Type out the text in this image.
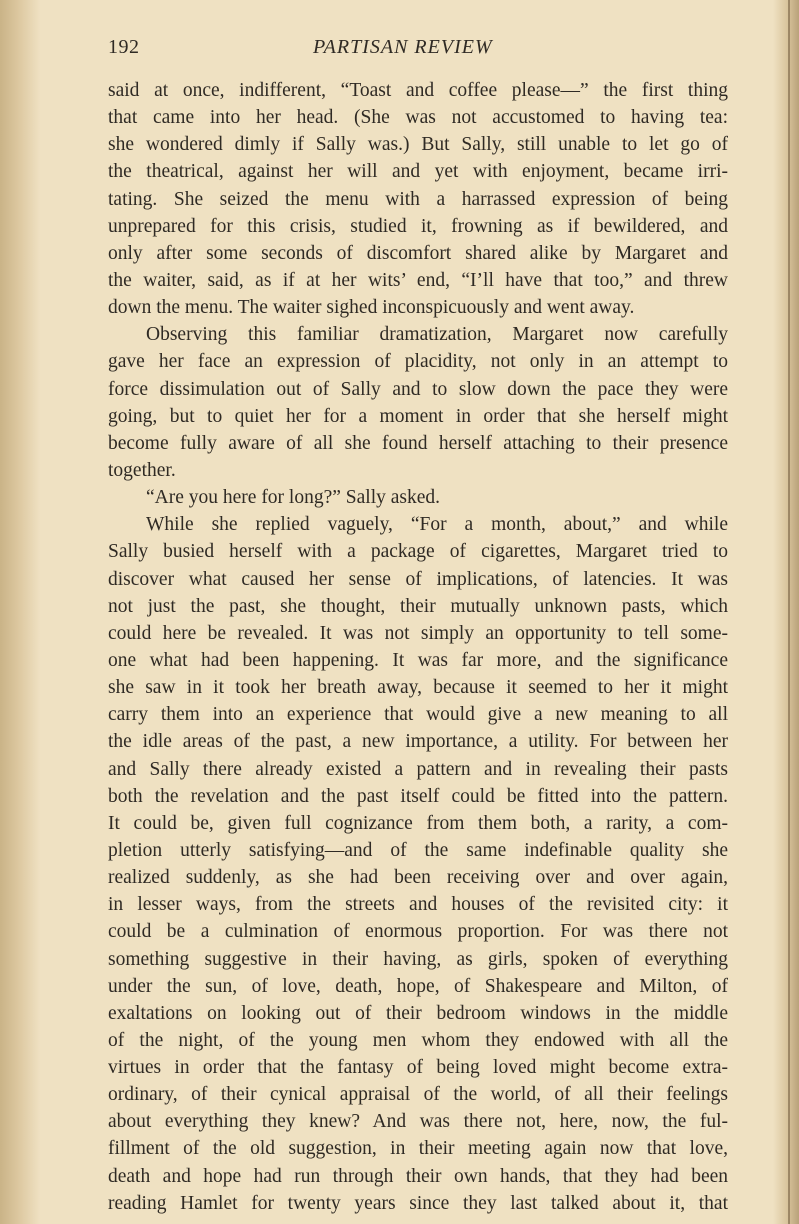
192	PARTISAN REVIEW
said at once, indifferent, “Toast and coffee please—” the first thing
that came into her head. (She was not accustomed to having tea:
she wondered dimly if Sally was.) But Sally, still unable to let go of
the theatrical, against her will and yet with enjoyment, became irri-
tating. She seized the menu with a harrassed expression of being
unprepared for this crisis, studied it, frowning as if bewildered, and
only after some seconds of discomfort shared alike by Margaret and
the waiter, said, as if at her wits’ end, “I’ll have that too,” and threw
down the menu. The waiter sighed inconspicuously and went away.
Observing this familiar dramatization, Margaret now carefully
gave her face an expression of placidity, not only in an attempt to
force dissimulation out of Sally and to slow down the pace they were
going, but to quiet her for a moment in order that she herself might
become fully aware of all she found herself attaching to their presence
together.
“Are you here for long?” Sally asked.
While she replied vaguely, “For a month, about,” and while
Sally busied herself with a package of cigarettes, Margaret tried to
discover what caused her sense of implications, of latencies. It was
not just the past, she thought, their mutually unknown pasts, which
could here be revealed. It was not simply an opportunity to tell some-
one what had been happening. It was far more, and the significance
she saw in it took her breath away, because it seemed to her it might
carry them into an experience that would give a new meaning to all
the idle areas of the past, a new importance, a utility. For between her
and Sally there already existed a pattern and in revealing their pasts
both the revelation and the past itself could be fitted into the pattern.
It could be, given full cognizance from them both, a rarity, a com-
pletion utterly satisfying—and of the same indefinable quality she
realized suddenly, as she had been receiving over and over again,
in lesser ways, from the streets and houses of the revisited city: it
could be a culmination of enormous proportion. For was there not
something suggestive in their having, as girls, spoken of everything
under the sun, of love, death, hope, of Shakespeare and Milton, of
exaltations on looking out of their bedroom windows in the middle
of the night, of the young men whom they endowed with all the
virtues in order that the fantasy of being loved might become extra-
ordinary, of their cynical appraisal of the world, of all their feelings
about everything they knew? And was there not, here, now, the ful-
fillment of the old suggestion, in their meeting again now that love,
death and hope had run through their own hands, that they had been
reading Hamlet for twenty years since they last talked about it, that
